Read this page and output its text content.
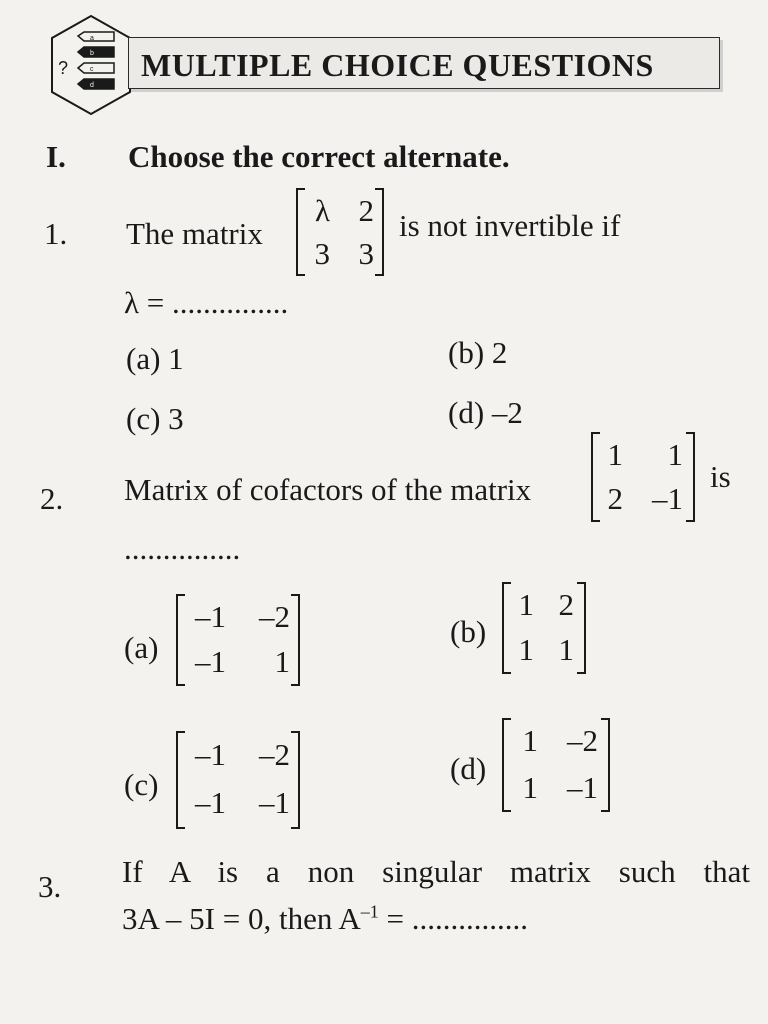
?
a
b
c
d
MULTIPLE CHOICE QUESTIONS
I. Choose the correct alternate.
1. The matrix
λ 2
3 3
is not invertible if
λ = ...............
(a) 1	(b) 2
(c) 3	(d) –2
2. Matrix of cofactors of the matrix
1 1
2 –1
is
...............
(a)
–1 –2
–1 1
(b)
1 2
1 1
(c)
–1 –2
–1 –1
(d)
1 –2
1 –1
3. If A is a non singular matrix such that
3A – 5I = 0, then $A^{-1}$ = ...............
